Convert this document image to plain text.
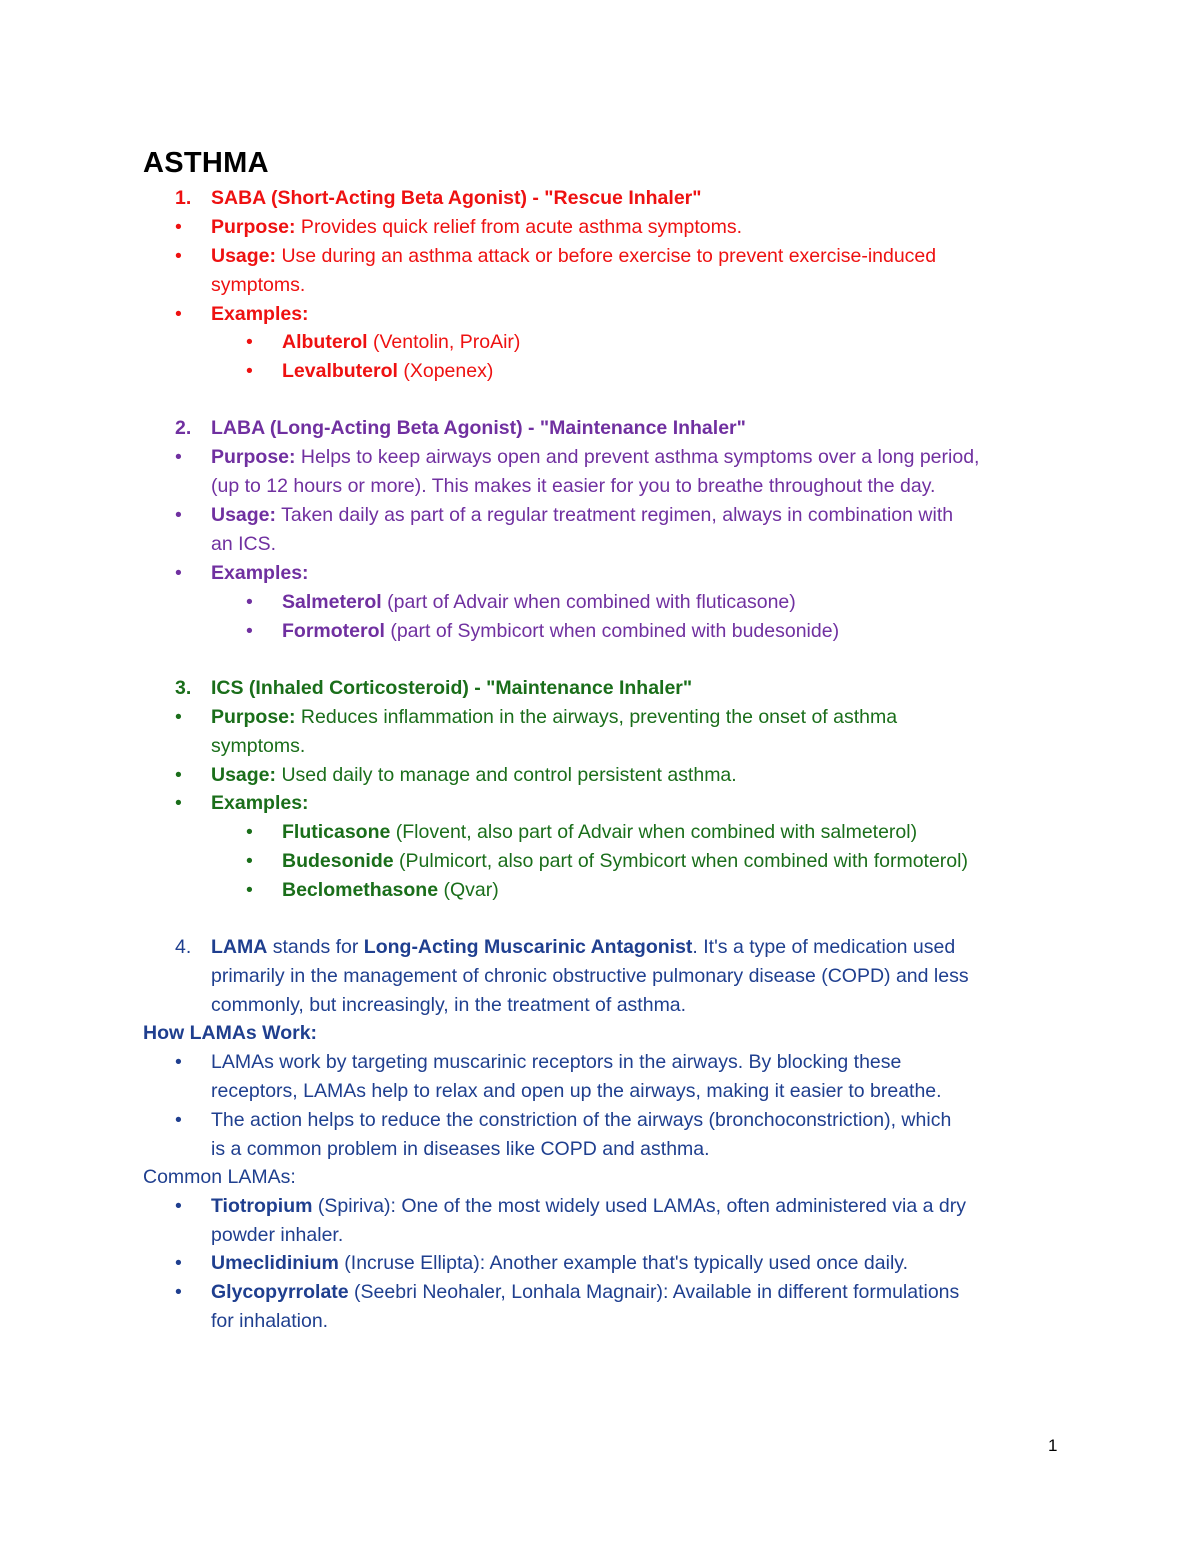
ASTHMA
1. SABA (Short-Acting Beta Agonist) - "Rescue Inhaler"
• Purpose: Provides quick relief from acute asthma symptoms.
• Usage: Use during an asthma attack or before exercise to prevent exercise-induced
symptoms.
• Examples:
• Albuterol (Ventolin, ProAir)
• Levalbuterol (Xopenex)
2. LABA (Long-Acting Beta Agonist) - "Maintenance Inhaler"
• Purpose: Helps to keep airways open and prevent asthma symptoms over a long period,
(up to 12 hours or more). This makes it easier for you to breathe throughout the day.
• Usage: Taken daily as part of a regular treatment regimen, always in combination with
an ICS.
• Examples:
• Salmeterol (part of Advair when combined with fluticasone)
• Formoterol (part of Symbicort when combined with budesonide)
3. ICS (Inhaled Corticosteroid) - "Maintenance Inhaler"
• Purpose: Reduces inflammation in the airways, preventing the onset of asthma
symptoms.
• Usage: Used daily to manage and control persistent asthma.
• Examples:
• Fluticasone (Flovent, also part of Advair when combined with salmeterol)
• Budesonide (Pulmicort, also part of Symbicort when combined with formoterol)
• Beclomethasone (Qvar)
4. LAMA stands for Long-Acting Muscarinic Antagonist. It's a type of medication used
primarily in the management of chronic obstructive pulmonary disease (COPD) and less
commonly, but increasingly, in the treatment of asthma.
How LAMAs Work:
• LAMAs work by targeting muscarinic receptors in the airways. By blocking these
receptors, LAMAs help to relax and open up the airways, making it easier to breathe.
• The action helps to reduce the constriction of the airways (bronchoconstriction), which
is a common problem in diseases like COPD and asthma.
Common LAMAs:
• Tiotropium (Spiriva): One of the most widely used LAMAs, often administered via a dry
powder inhaler.
• Umeclidinium (Incruse Ellipta): Another example that's typically used once daily.
• Glycopyrrolate (Seebri Neohaler, Lonhala Magnair): Available in different formulations
for inhalation.
1
